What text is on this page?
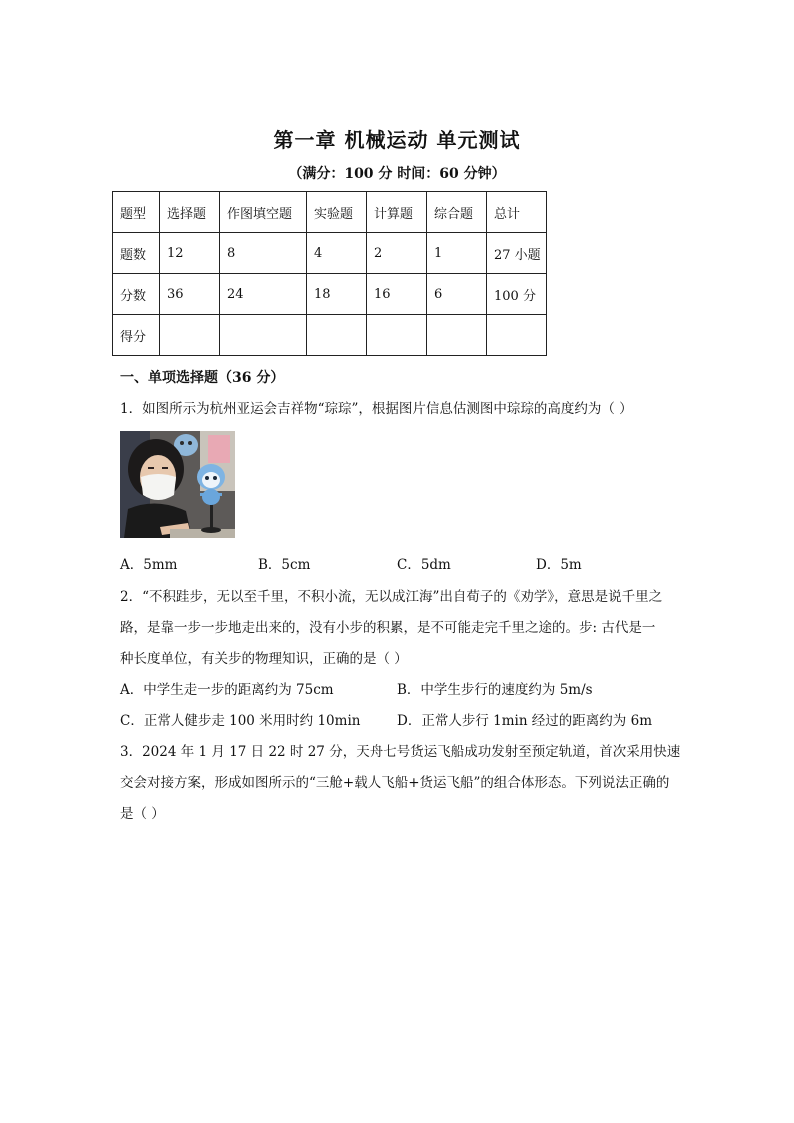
第一章 机械运动 单元测试
（满分：100 分 时间：60 分钟）
题型	选择题	作图填空题	实验题	计算题	综合题	总计
题数	12	8	4	2	1	27 小题
分数	36	24	18	16	6	100 分
得分						
一、单项选择题（36 分）
1．如图所示为杭州亚运会吉祥物“琮琮”，根据图片信息估测图中琮琮的高度约为（ ）
A．5mm	B．5cm	C．5dm	D．5m
2．“不积跬步，无以至千里，不积小流，无以成江海”出自荀子的《劝学》，意思是说千里之
路，是靠一步一步地走出来的，没有小步的积累，是不可能走完千里之途的。步: 古代是一
种长度单位，有关步的物理知识，正确的是（ ）
A．中学生走一步的距离约为 75cm	B．中学生步行的速度约为 5m/s
C．正常人健步走 100 米用时约 10min	D．正常人步行 1min 经过的距离约为 6m
3．2024 年 1 月 17 日 22 时 27 分，天舟七号货运飞船成功发射至预定轨道，首次采用快速
交会对接方案，形成如图所示的“三舱+载人飞船+货运飞船”的组合体形态。下列说法正确的
是（ ）
